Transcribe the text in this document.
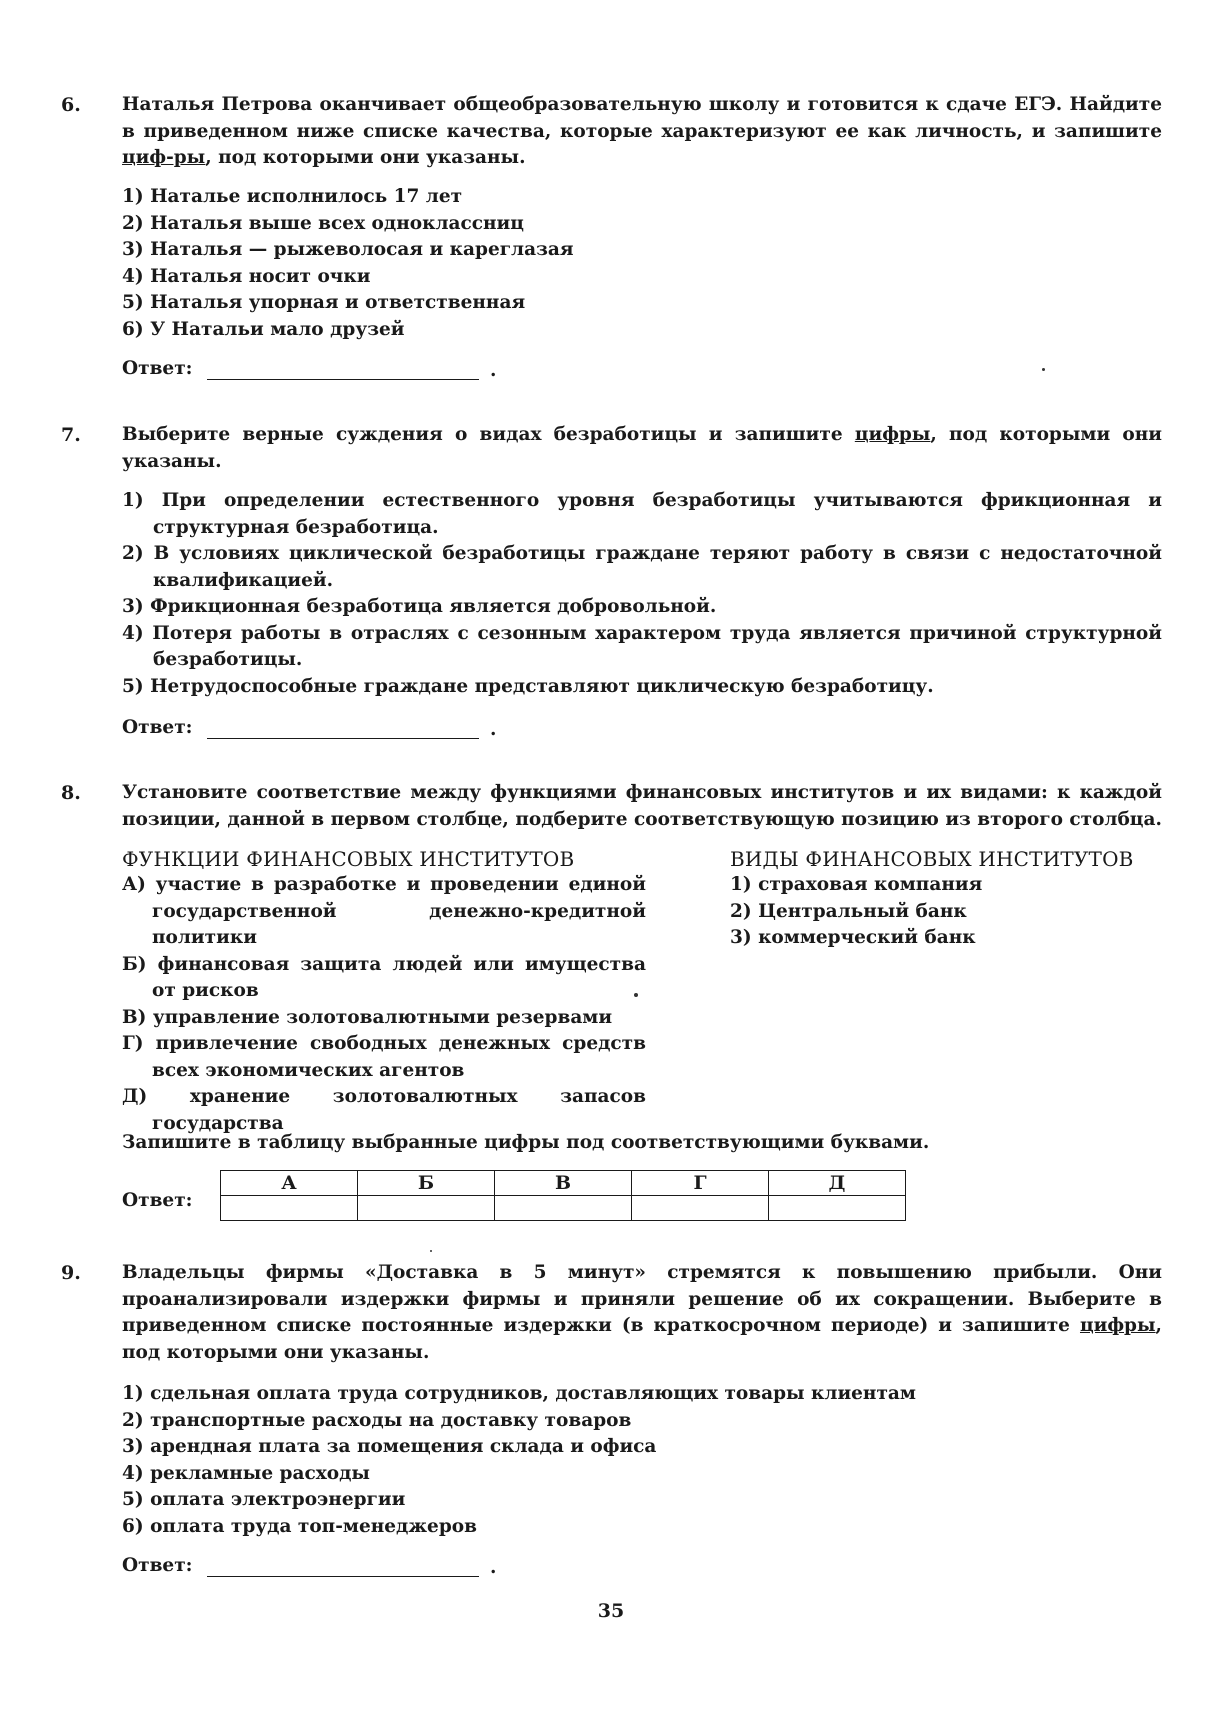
6. Наталья Петрова оканчивает общеобразовательную школу и готовится к сдаче ЕГЭ. Найдите в приведенном ниже списке качества, которые характеризуют ее как личность, и запишите циф-ры, под которыми они указаны.
1) Наталье исполнилось 17 лет
2) Наталья выше всех одноклассниц
3) Наталья — рыжеволосая и кареглазая
4) Наталья носит очки
5) Наталья упорная и ответственная
6) У Натальи мало друзей
Ответ:	.
7. Выберите верные суждения о видах безработицы и запишите цифры, под которыми они указаны.
1) При определении естественного уровня безработицы учитываются фрикционная и структурная безработица.
2) В условиях циклической безработицы граждане теряют работу в связи с недостаточной квалификацией.
3) Фрикционная безработица является добровольной.
4) Потеря работы в отраслях с сезонным характером труда является причиной структурной безработицы.
5) Нетрудоспособные граждане представляют циклическую безработицу.
Ответ:	.
8. Установите соответствие между функциями финансовых институтов и их видами: к каждой позиции, данной в первом столбце, подберите соответствующую позицию из второго столбца.
ФУНКЦИИ ФИНАНСОВЫХ ИНСТИТУТОВ	ВИДЫ ФИНАНСОВЫХ ИНСТИТУТОВ
А) участие в разработке и проведении единой государственной денежно-кредитной политики
Б) финансовая защита людей или имущества от рисков
В) управление золотовалютными резервами
Г) привлечение свободных денежных средств всех экономических агентов
Д) хранение золотовалютных запасов государства
1) страховая компания
2) Центральный банк
3) коммерческий банк
Запишите в таблицу выбранные цифры под соответствующими буквами.
Ответ:
А	Б	В	Г	Д

9. Владельцы фирмы «Доставка в 5 минут» стремятся к повышению прибыли. Они проанализировали издержки фирмы и приняли решение об их сокращении. Выберите в приведенном списке постоянные издержки (в краткосрочном периоде) и запишите цифры, под которыми они указаны.
1) сдельная оплата труда сотрудников, доставляющих товары клиентам
2) транспортные расходы на доставку товаров
3) арендная плата за помещения склада и офиса
4) рекламные расходы
5) оплата электроэнергии
6) оплата труда топ-менеджеров
Ответ:	.
35
